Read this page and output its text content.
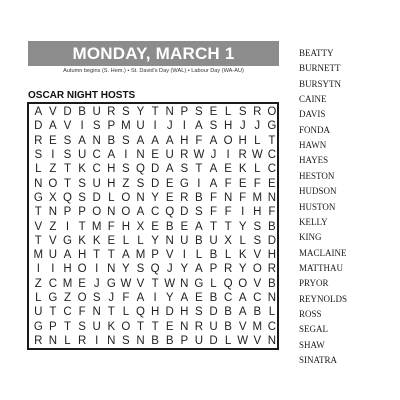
MONDAY, MARCH 1
Autumn begins (S. Hem.) • St. David's Day (WAL) • Labour Day (WA-AU)
OSCAR NIGHT HOSTS
A V D B U R S Y T N P S E L S R O
D A V I S P M U I J I A S H J J G
R E S A N B S A A A H F A O H L T
S I S U C A I N E U R W J I R W C
L Z T K C H S Q D A S T A E K L C
N O T S U H Z S D E G I A F E F E
G X Q S D L O N Y E R B F N F M N
T N P P O N O A C Q D S F F I H F
V Z I T M F H X E B E A T T Y S B
T V G K K E L L Y N U B U X L S D
M U A H T T A M P V I L B L K V H
I I H O I N Y S Q J Y A P R Y O R
Z C M E J G W V T W N G L Q O V B
L G Z O S J F A I Y A E B C A C N
U T C F N T L Q H D H S D B A B L
G P T S U K O T T E N R U B V M C
R N L R I N S N B B P U D L W V N
BEATTY
BURNETT
BURSYTN
CAINE
DAVIS
FONDA
HAWN
HAYES
HESTON
HUDSON
HUSTON
KELLY
KING
MACLAINE
MATTHAU
PRYOR
REYNOLDS
ROSS
SEGAL
SHAW
SINATRA
